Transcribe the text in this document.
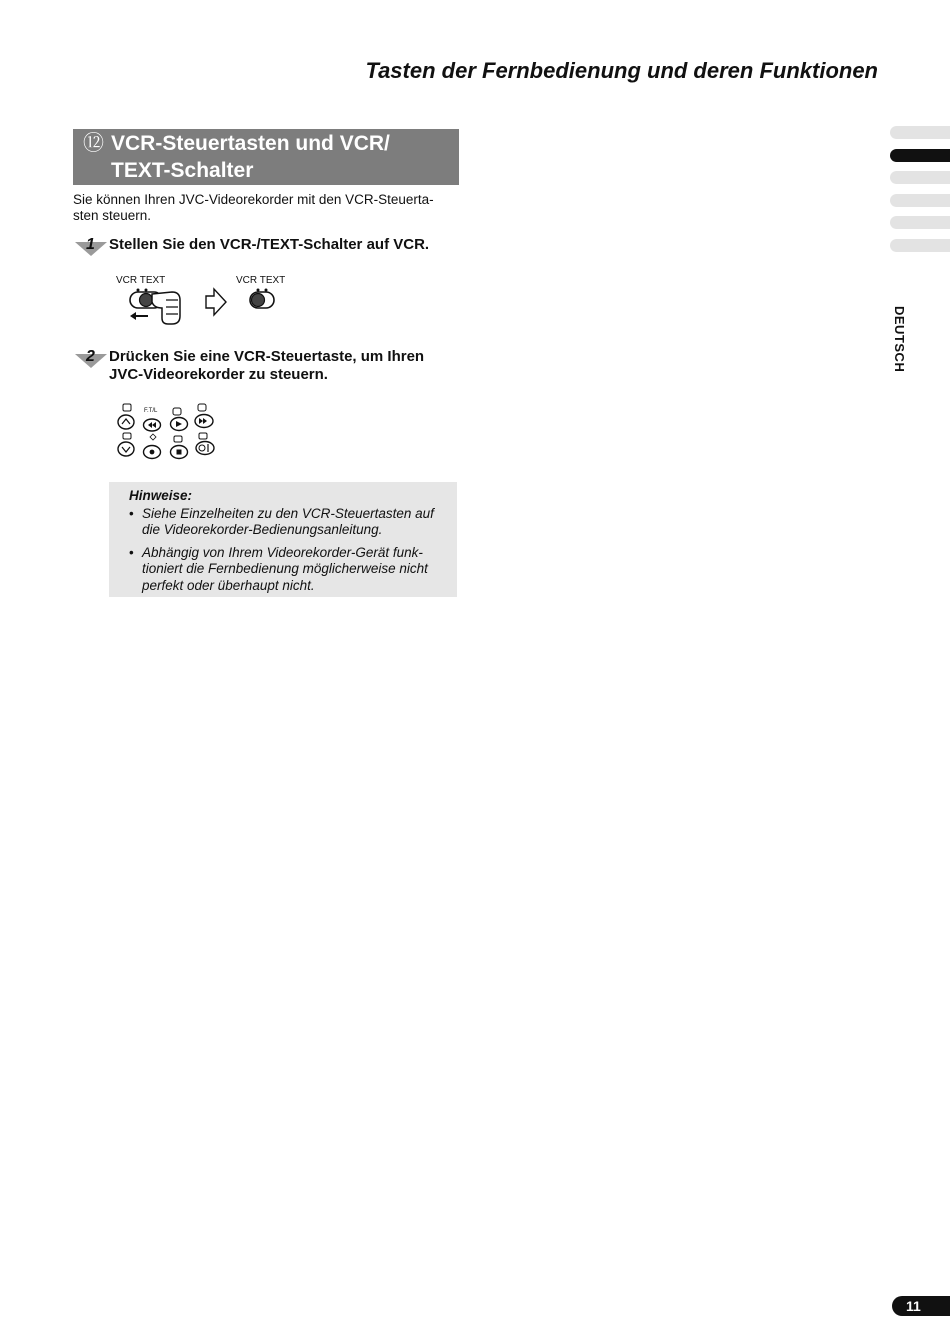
Tasten der Fernbedienung und deren Funktionen
DEUTSCH
⑫ VCR-Steuertasten und VCR/
TEXT-Schalter
Sie können Ihren JVC-Videorekorder mit den VCR-Steuerta-
sten steuern.
1 Stellen Sie den VCR-/TEXT-Schalter auf VCR.
VCR TEXT	VCR TEXT
2 Drücken Sie eine VCR-Steuertaste, um Ihren
JVC-Videorekorder zu steuern.
F.T/L
Hinweise:
• Siehe Einzelheiten zu den VCR-Steuertasten auf
die Videorekorder-Bedienungsanleitung.
• Abhängig von Ihrem Videorekorder-Gerät funk-
tioniert die Fernbedienung möglicherweise nicht
perfekt oder überhaupt nicht.
11
